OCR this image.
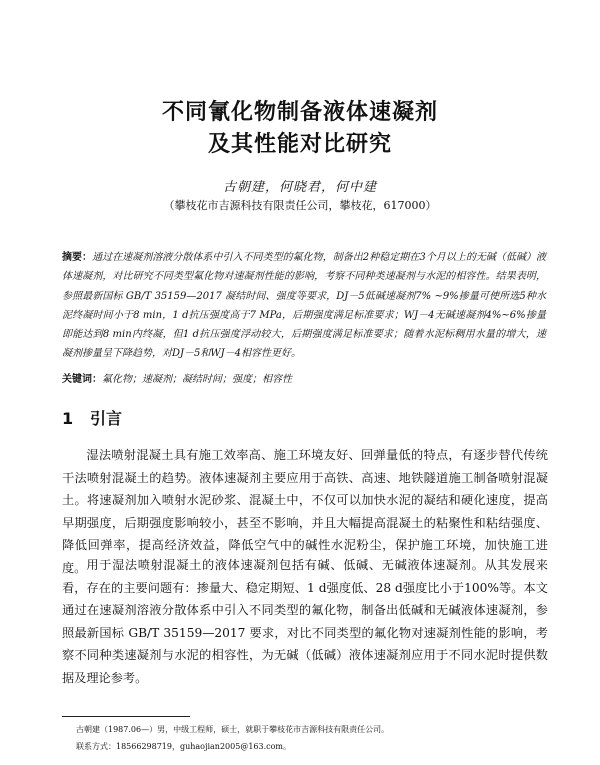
不同氰化物制备液体速凝剂
及其性能对比研究
古朝建，何晓君，何中建
（攀枝花市吉源科技有限责任公司，攀枝花，617000）
摘要：通过在速凝剂溶液分散体系中引入不同类型的氟化物，制备出2种稳定期在3个月以上的无碱（低碱）液体速凝剂，对比研究不同类型氟化物对速凝剂性能的影响，考察不同种类速凝剂与水泥的相容性。结果表明，参照最新国标 GB/T 35159—2017 凝结时间、强度等要求，DJ－5低碱速凝剂7% ~9%掺量可使所选5种水泥终凝时间小于8 min，1 d抗压强度高于7 MPa，后期强度满足标准要求；WJ－4无碱速凝剂4%~6%掺量即能达到8 min内终凝，但1 d抗压强度浮动较大，后期强度满足标准要求；随着水泥标稠用水量的增大，速凝剂掺量呈下降趋势，对DJ－5和WJ－4相容性更好。
关键词：氟化物；速凝剂；凝结时间；强度；相容性
1 引言

湿法喷射混凝土具有施工效率高、施工环境友好、回弹量低的特点，有逐步替代传统干法喷射混凝土的趋势。液体速凝剂主要应用于高铁、高速、地铁隧道施工制备喷射混凝土。将速凝剂加入喷射水泥砂浆、混凝土中，不仅可以加快水泥的凝结和硬化速度，提高早期强度，后期强度影响较小，甚至不影响，并且大幅提高混凝土的粘聚性和粘结强度、降低回弹率，提高经济效益，降低空气中的碱性水泥粉尘，保护施工环境，加快施工进度。 用于湿法喷射混凝土的液体速凝剂包括有碱、低碱、无碱液体速凝剂。从其发展来看，存在的主要问题有：掺量大、稳定期短、1 d强度低、28 d强度比小于100%等。本文通过在速凝剂溶液分散体系中引入不同类型的氟化物，制备出低碱和无碱液体速凝剂，参照最新国标 GB/T 35159—2017 要求，对比不同类型的氟化物对速凝剂性能的影响，考察不同种类速凝剂与水泥的相容性，为无碱（低碱）液体速凝剂应用于不同水泥时提供数据及理论参考。

古朝建（1987.06—）男，中级工程师，硕士，就职于攀枝花市吉源科技有限责任公司。
联系方式：18566298719，guhaojian2005@163.com。
